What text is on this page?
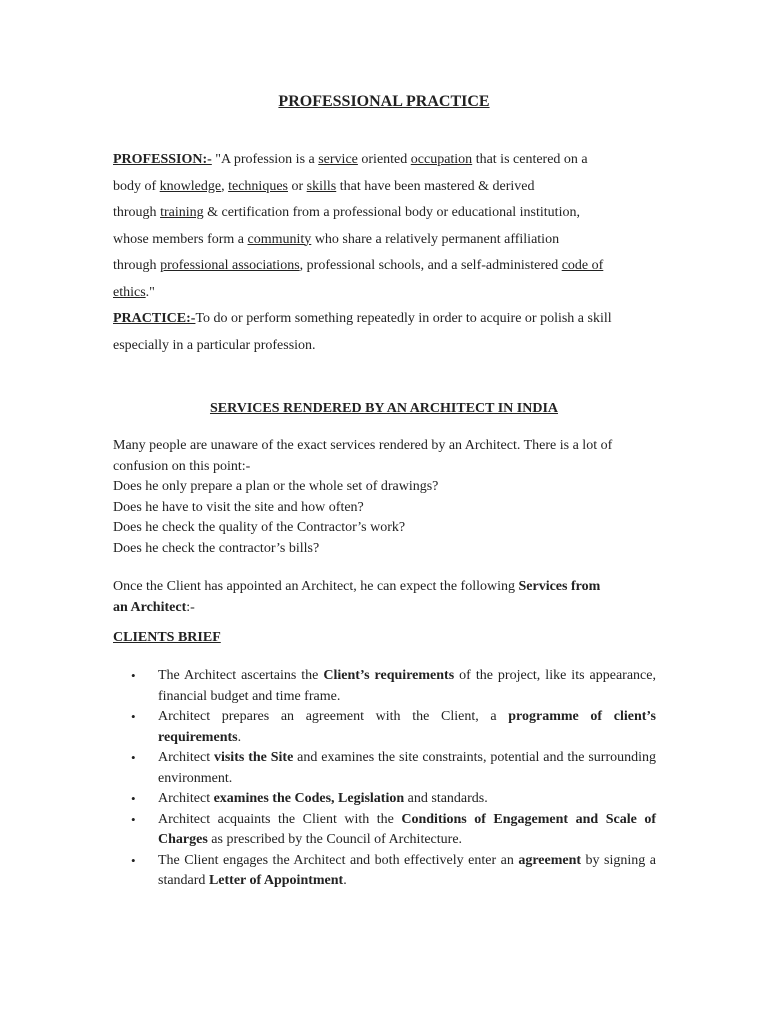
PROFESSIONAL PRACTICE
PROFESSION:- "A profession is a service oriented occupation that is centered on a
body of knowledge, techniques or skills that have been mastered & derived
through training & certification from a professional body or educational institution,
whose members form a community who share a relatively permanent affiliation
through professional associations, professional schools, and a self-administered code of
ethics."
PRACTICE:-To do or perform something repeatedly in order to acquire or polish a skill
especially in a particular profession.
SERVICES RENDERED BY AN ARCHITECT IN INDIA
Many people are unaware of the exact services rendered by an Architect. There is a lot of
confusion on this point:-
Does he only prepare a plan or the whole set of drawings?
Does he have to visit the site and how often?
Does he check the quality of the Contractor’s work?
Does he check the contractor’s bills?
Once the Client has appointed an Architect, he can expect the following Services from
an Architect:-
CLIENTS BRIEF
• The Architect ascertains the Client’s requirements of the project, like its appearance, financial budget and time frame.
• Architect prepares an agreement with the Client, a programme of client’s requirements.
• Architect visits the Site and examines the site constraints, potential and the surrounding environment.
• Architect examines the Codes, Legislation and standards.
• Architect acquaints the Client with the Conditions of Engagement and Scale of Charges as prescribed by the Council of Architecture.
• The Client engages the Architect and both effectively enter an agreement by signing a standard Letter of Appointment.
